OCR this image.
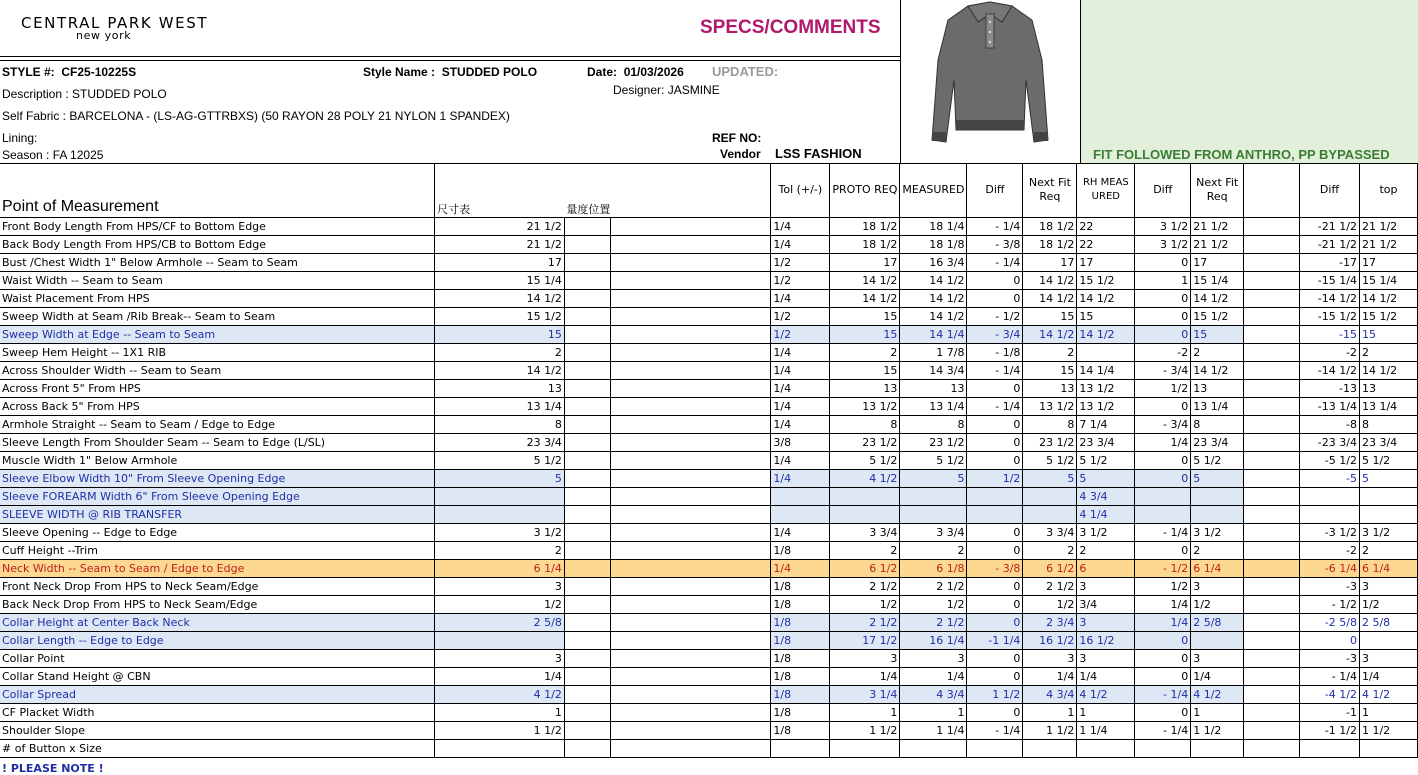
CENTRAL PARK WEST
new york	SPECS/COMMENTS
FIT FOLLOWED FROM ANTHRO, PP BYPASSED
STYLE #: CF25-10225S	Style Name : STUDDED POLO	Date: 01/03/2026 UPDATED:
Designer: JASMINE
Description : STUDDED POLO
Self Fabric : BARCELONA - (LS-AG-GTTRBXS) (50 RAYON 28 POLY 21 NYLON 1 SPANDEX)
Lining:	REF NO:
Season : FA 12025	Vendor LSS FASHION
Point of Measurement	尺寸表	量度位置		Tol (+/-)	PROTO REQ	MEASURED	Diff	Next Fit Req	RH MEASURED	Diff	Next Fit Req		Diff	top
Front Body Length From HPS/CF to Bottom Edge	21 1/2			1/4	18 1/2	18 1/4	- 1/4	18 1/2	22	3 1/2	21 1/2		-21 1/2	21 1/2
Back Body Length From HPS/CB to Bottom Edge	21 1/2			1/4	18 1/2	18 1/8	- 3/8	18 1/2	22	3 1/2	21 1/2		-21 1/2	21 1/2
Bust /Chest Width 1" Below Armhole -- Seam to Seam	17			1/2	17	16 3/4	- 1/4	17	17	0	17		-17	17
Waist Width -- Seam to Seam	15 1/4			1/2	14 1/2	14 1/2	0	14 1/2	15 1/2	1	15 1/4		-15 1/4	15 1/4
Waist Placement From HPS	14 1/2			1/4	14 1/2	14 1/2	0	14 1/2	14 1/2	0	14 1/2		-14 1/2	14 1/2
Sweep Width at Seam /Rib Break-- Seam to Seam	15 1/2			1/2	15	14 1/2	- 1/2	15	15	0	15 1/2		-15 1/2	15 1/2
Sweep Width at Edge -- Seam to Seam	15			1/2	15	14 1/4	- 3/4	14 1/2	14 1/2	0	15		-15	15
Sweep Hem Height -- 1X1 RIB	2			1/4	2	1 7/8	- 1/8	2		-2	2		-2	2
Across Shoulder Width -- Seam to Seam	14 1/2			1/4	15	14 3/4	- 1/4	15	14 1/4	- 3/4	14 1/2		-14 1/2	14 1/2
Across Front 5" From HPS	13			1/4	13	13	0	13	13 1/2	1/2	13		-13	13
Across Back 5" From HPS	13 1/4			1/4	13 1/2	13 1/4	- 1/4	13 1/2	13 1/2	0	13 1/4		-13 1/4	13 1/4
Armhole Straight -- Seam to Seam / Edge to Edge	8			1/4	8	8	0	8	7 1/4	- 3/4	8		-8	8
Sleeve Length From Shoulder Seam -- Seam to Edge (L/SL)	23 3/4			3/8	23 1/2	23 1/2	0	23 1/2	23 3/4	1/4	23 3/4		-23 3/4	23 3/4
Muscle Width 1" Below Armhole	5 1/2			1/4	5 1/2	5 1/2	0	5 1/2	5 1/2	0	5 1/2		-5 1/2	5 1/2
Sleeve Elbow Width 10" From Sleeve Opening Edge	5			1/4	4 1/2	5	1/2	5	5	0	5		-5	5
Sleeve FOREARM Width 6" From Sleeve Opening Edge									4 3/4					
SLEEVE WIDTH @ RIB TRANSFER									4 1/4					
Sleeve Opening -- Edge to Edge	3 1/2			1/4	3 3/4	3 3/4	0	3 3/4	3 1/2	- 1/4	3 1/2		-3 1/2	3 1/2
Cuff Height --Trim	2			1/8	2	2	0	2	2	0	2		-2	2
Neck Width -- Seam to Seam / Edge to Edge	6 1/4			1/4	6 1/2	6 1/8	- 3/8	6 1/2	6	- 1/2	6 1/4		-6 1/4	6 1/4
Front Neck Drop From HPS to Neck Seam/Edge	3			1/8	2 1/2	2 1/2	0	2 1/2	3	1/2	3		-3	3
Back Neck Drop From HPS to Neck Seam/Edge	1/2			1/8	1/2	1/2	0	1/2	3/4	1/4	1/2		- 1/2	1/2
Collar Height at Center Back Neck	2 5/8			1/8	2 1/2	2 1/2	0	2 3/4	3	1/4	2 5/8		-2 5/8	2 5/8
Collar Length -- Edge to Edge				1/8	17 1/2	16 1/4	-1 1/4	16 1/2	16 1/2	0			0	
Collar Point	3			1/8	3	3	0	3	3	0	3		-3	3
Collar Stand Height @ CBN	1/4			1/8	1/4	1/4	0	1/4	1/4	0	1/4		- 1/4	1/4
Collar Spread	4 1/2			1/8	3 1/4	4 3/4	1 1/2	4 3/4	4 1/2	- 1/4	4 1/2		-4 1/2	4 1/2
CF Placket Width	1			1/8	1	1	0	1	1	0	1		-1	1
Shoulder Slope	1 1/2			1/8	1 1/2	1 1/4	- 1/4	1 1/2	1 1/4	- 1/4	1 1/2		-1 1/2	1 1/2
# of Button x Size														
! PLEASE NOTE !
